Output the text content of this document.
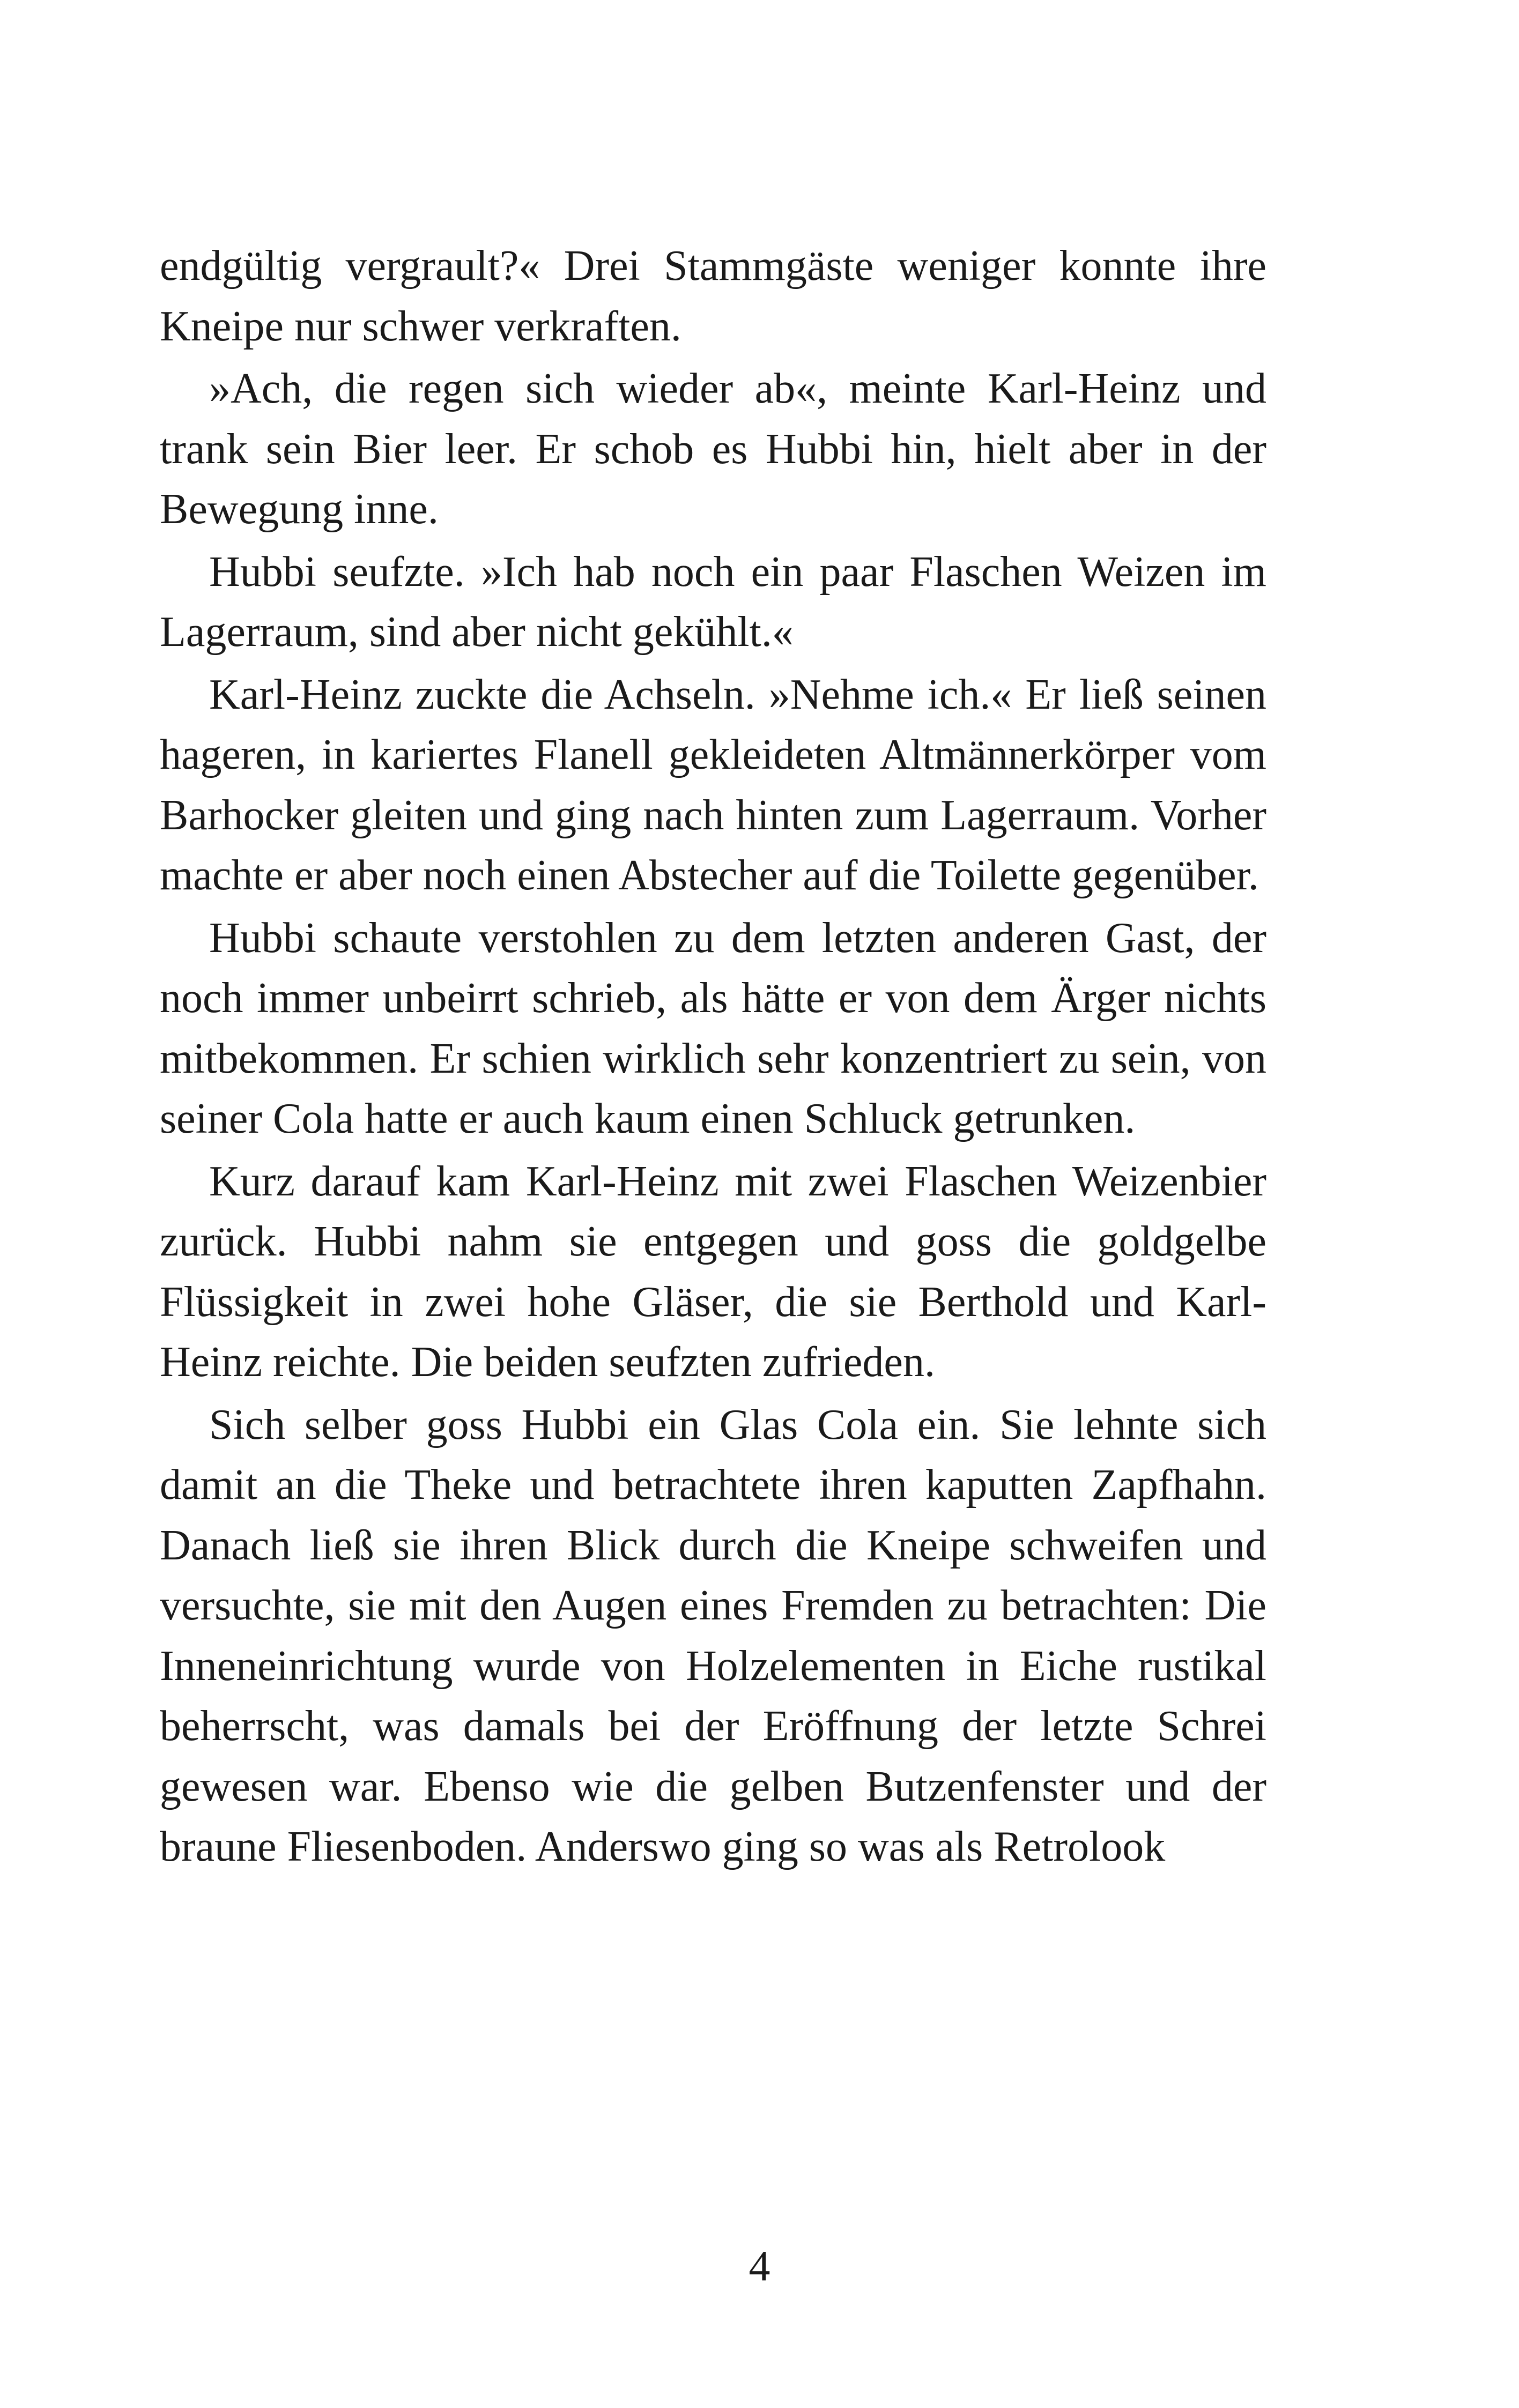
endgültig vergrault?« Drei Stammgäste weniger konnte ihre Kneipe nur schwer verkraften.

»Ach, die regen sich wieder ab«, meinte Karl-Heinz und trank sein Bier leer. Er schob es Hubbi hin, hielt aber in der Bewegung inne.

Hubbi seufzte. »Ich hab noch ein paar Flaschen Weizen im Lagerraum, sind aber nicht gekühlt.«

Karl-Heinz zuckte die Achseln. »Nehme ich.« Er ließ seinen hageren, in kariertes Flanell gekleideten Altmännerkörper vom Barhocker gleiten und ging nach hinten zum Lagerraum. Vorher machte er aber noch einen Abstecher auf die Toilette gegenüber.

Hubbi schaute verstohlen zu dem letzten anderen Gast, der noch immer unbeirrt schrieb, als hätte er von dem Ärger nichts mitbekommen. Er schien wirklich sehr konzentriert zu sein, von seiner Cola hatte er auch kaum einen Schluck getrunken.

Kurz darauf kam Karl-Heinz mit zwei Flaschen Weizenbier zurück. Hubbi nahm sie entgegen und goss die goldgelbe Flüssigkeit in zwei hohe Gläser, die sie Berthold und Karl-Heinz reichte. Die beiden seufzten zufrieden.

Sich selber goss Hubbi ein Glas Cola ein. Sie lehnte sich damit an die Theke und betrachtete ihren kaputten Zapfhahn. Danach ließ sie ihren Blick durch die Kneipe schweifen und versuchte, sie mit den Augen eines Fremden zu betrachten: Die Inneneinrichtung wurde von Holzelementen in Eiche rustikal beherrscht, was damals bei der Eröffnung der letzte Schrei gewesen war. Ebenso wie die gelben Butzenfenster und der braune Fliesenboden. Anderswo ging so was als Retrolook

4
